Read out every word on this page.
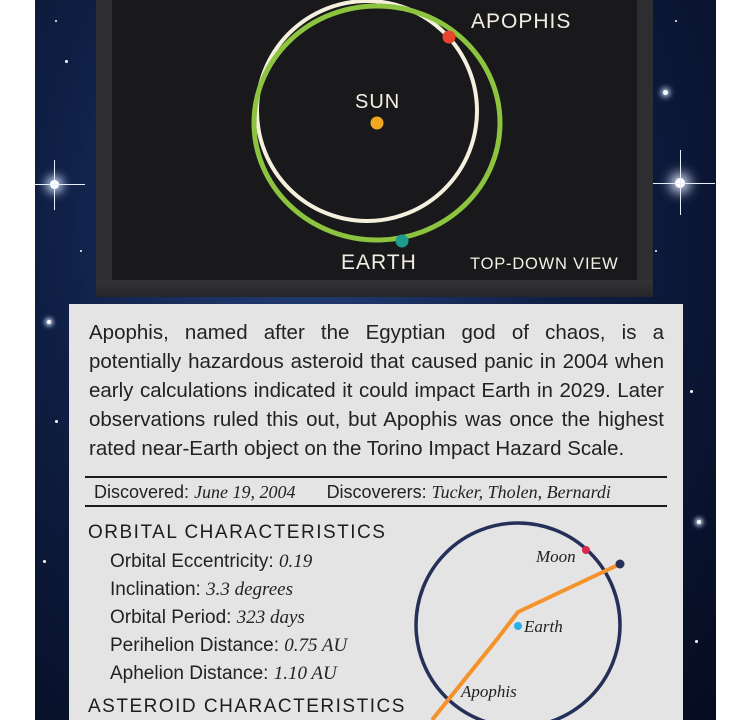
APOPHIS
SUN
EARTH	TOP-DOWN VIEW
Apophis, named after the Egyptian god of chaos, is a potentially hazardous asteroid that caused panic in 2004 when early calculations indicated it could impact Earth in 2029. Later observations ruled this out, but Apophis was once the highest rated near-Earth object on the Torino Impact Hazard Scale.
Discovered: June 19, 2004 Discoverers: Tucker, Tholen, Bernardi
ORBITAL CHARACTERISTICS
Orbital Eccentricity: 0.19
Inclination: 3.3 degrees
Orbital Period: 323 days
Perihelion Distance: 0.75 AU
Aphelion Distance: 1.10 AU
ASTEROID CHARACTERISTICS
Moon
Earth
Apophis
